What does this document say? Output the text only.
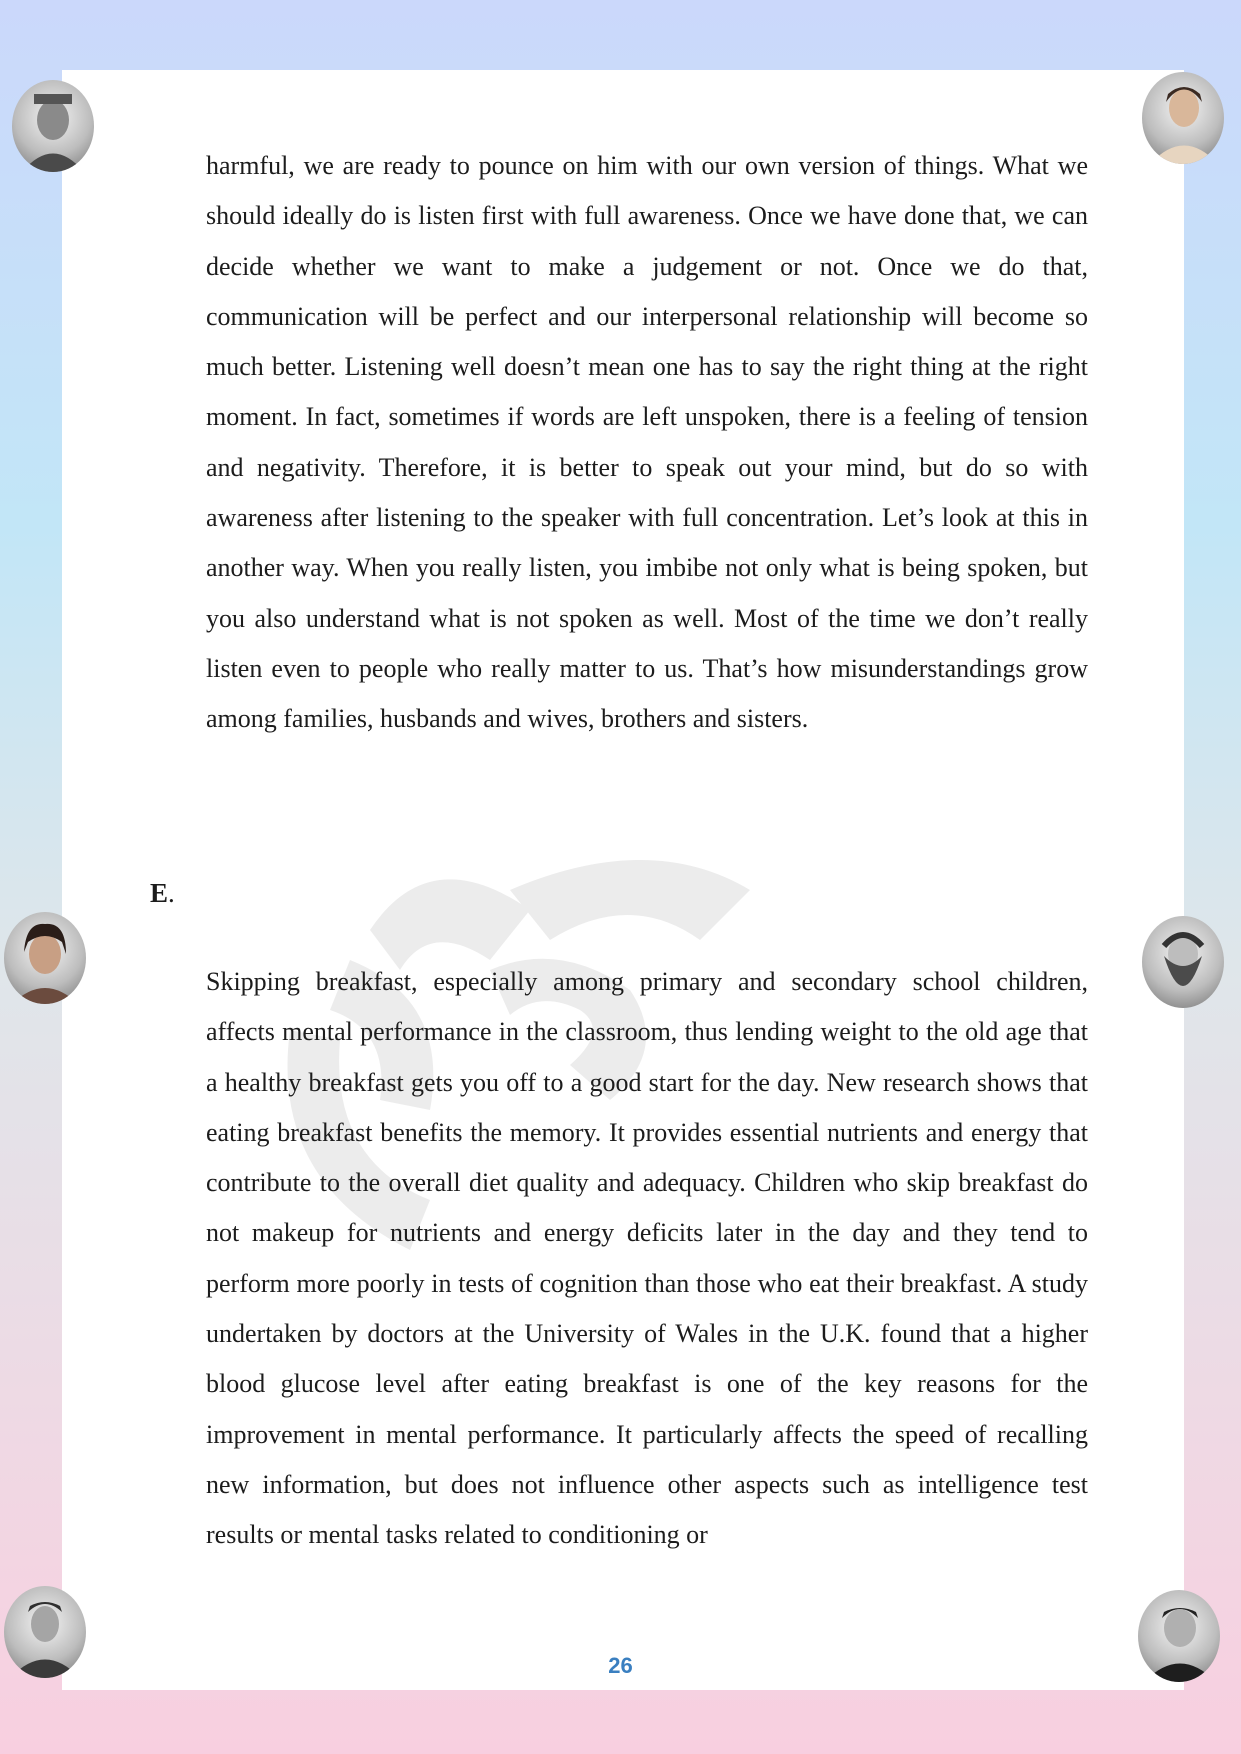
harmful, we are ready to pounce on him with our own version of things. What we should ideally do is listen first with full awareness. Once we have done that, we can decide whether we want to make a judgement or not. Once we do that, communication will be perfect and our interpersonal relationship will become so much better. Listening well doesn’t mean one has to say the right thing at the right moment. In fact, sometimes if words are left unspoken, there is a feeling of tension and negativity. Therefore, it is better to speak out your mind, but do so with awareness after listening to the speaker with full concentration. Let’s look at this in another way. When you really listen, you imbibe not only what is being spoken, but you also understand what is not spoken as well. Most of the time we don’t really listen even to people who really matter to us. That’s how misunderstandings grow among families, husbands and wives, brothers and sisters.

E.

Skipping breakfast, especially among primary and secondary school children, affects mental performance in the classroom, thus lending weight to the old age that a healthy breakfast gets you off to a good start for the day. New research shows that eating breakfast benefits the memory. It provides essential nutrients and energy that contribute to the overall diet quality and adequacy. Children who skip breakfast do not makeup for nutrients and energy deficits later in the day and they tend to perform more poorly in tests of cognition than those who eat their breakfast. A study undertaken by doctors at the University of Wales in the U.K. found that a higher blood glucose level after eating breakfast is one of the key reasons for the improvement in mental performance. It particularly affects the speed of recalling new information, but does not influence other aspects such as intelligence test results or mental tasks related to conditioning or

26
